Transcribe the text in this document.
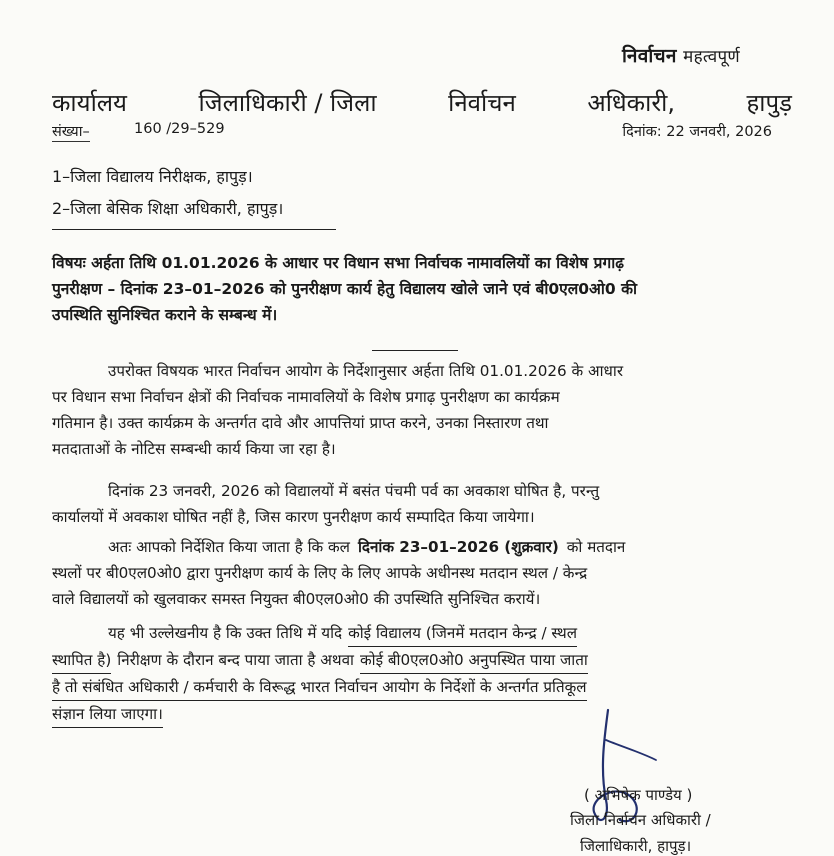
निर्वाचन महत्वपूर्ण
कार्यालय	जिलाधिकारी / जिला	निर्वाचन	अधिकारी,	हापुड़
संख्या–	160 /29–529	दिनांक: 22 जनवरी, 2026
1–जिला विद्यालय निरीक्षक, हापुड़।
2–जिला बेसिक शिक्षा अधिकारी, हापुड़।
विषयः अर्हता तिथि 01.01.2026 के आधार पर विधान सभा निर्वाचक नामावलियों का विशेष प्रगाढ़
पुनरीक्षण – दिनांक 23–01–2026 को पुनरीक्षण कार्य हेतु विद्यालय खोले जाने एवं बी0एल0ओ0 की
उपस्थिति सुनिश्चित कराने के सम्बन्ध में।
उपरोक्त विषयक भारत निर्वाचन आयोग के निर्देशानुसार अर्हता तिथि 01.01.2026 के आधार
पर विधान सभा निर्वाचन क्षेत्रों की निर्वाचक नामावलियों के विशेष प्रगाढ़ पुनरीक्षण का कार्यक्रम
गतिमान है। उक्त कार्यक्रम के अन्तर्गत दावे और आपत्तियां प्राप्त करने, उनका निस्तारण तथा
मतदाताओं के नोटिस सम्बन्धी कार्य किया जा रहा है।
दिनांक 23 जनवरी, 2026 को विद्यालयों में बसंत पंचमी पर्व का अवकाश घोषित है, परन्तु
कार्यालयों में अवकाश घोषित नहीं है, जिस कारण पुनरीक्षण कार्य सम्पादित किया जायेगा।
अतः आपको निर्देशित किया जाता है कि कल दिनांक 23–01–2026 (शुक्रवार) को मतदान
स्थलों पर बी0एल0ओ0 द्वारा पुनरीक्षण कार्य के लिए के लिए आपके अधीनस्थ मतदान स्थल / केन्द्र
वाले विद्यालयों को खुलवाकर समस्त नियुक्त बी0एल0ओ0 की उपस्थिति सुनिश्चित करायें।
यह भी उल्लेखनीय है कि उक्त तिथि में यदि कोई विद्यालय (जिनमें मतदान केन्द्र / स्थल
स्थापित है) निरीक्षण के दौरान बन्द पाया जाता है अथवा कोई बी0एल0ओ0 अनुपस्थित पाया जाता
है तो संबंधित अधिकारी / कर्मचारी के विरूद्ध भारत निर्वाचन आयोग के निर्देशों के अन्तर्गत प्रतिकूल
संज्ञान लिया जाएगा।
( अभिषेक पाण्डेय )
जिला निर्वाचन अधिकारी /
जिलाधिकारी, हापुड़।
